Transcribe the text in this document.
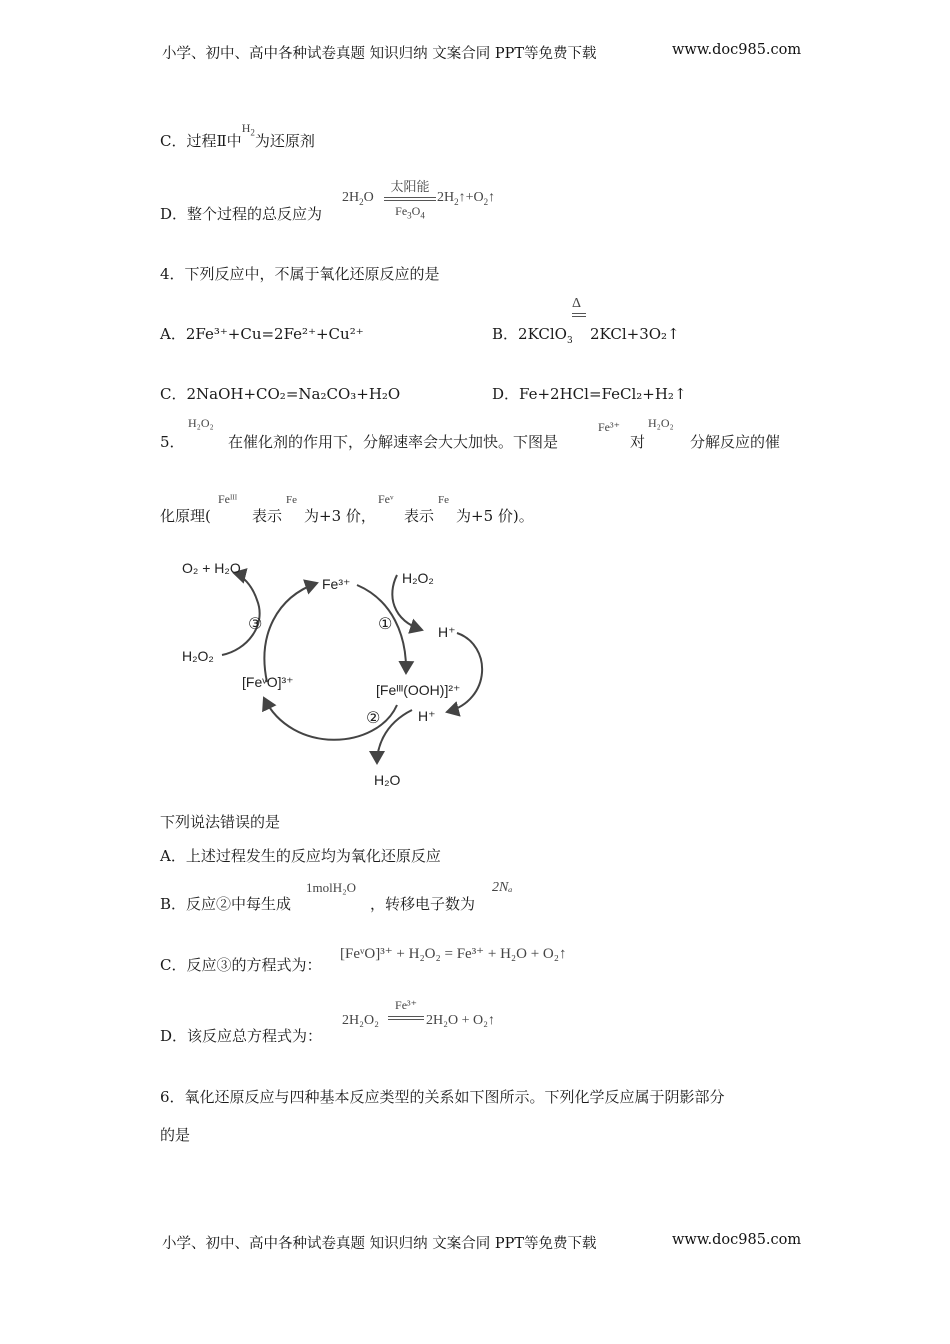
小学、初中、高中各种试卷真题 知识归纳 文案合同 PPT等免费下载	www.doc985.com
C．过程Ⅱ中$^{H_2}$为还原剂
D．整个过程的总反应为
$2H_2O$
太阳能
$Fe_3O_4$
$2H_2↑+O_2↑$
4．下列反应中，不属于氧化还原反应的是
A．2Fe³⁺+Cu=2Fe²⁺+Cu²⁺	B．2KClO$_3$
Δ
2KCl+3O₂↑
C．2NaOH+CO₂=Na₂CO₃+H₂O	D．Fe+2HCl=FeCl₂+H₂↑
5．
H₂O₂
在催化剂的作用下，分解速率会大大加快。下图是
Fe³⁺
对
H₂O₂
分解反应的催
化原理(
Feᴵᴵᴵ
表示
Fe
为+3 价，
Feᵛ
表示
Fe
为+5 价)。
O₂ + H₂O
Fe³⁺	H₂O₂
①	H⁺
③
H₂O₂
[FeᵛO]³⁺	[Feᴵᴵᴵ(OOH)]²⁺
②	H⁺
H₂O
下列说法错误的是
A．上述过程发生的反应均为氧化还原反应
B．反应②中每生成
1molH₂O
，转移电子数为
2Nₐ
C．反应③的方程式为：
[FeᵛO]³⁺ + H₂O₂ = Fe³⁺ + H₂O + O₂↑
D．该反应总方程式为：
2H₂O₂
Fe³⁺
2H₂O + O₂↑
6．氧化还原反应与四种基本反应类型的关系如下图所示。下列化学反应属于阴影部分
的是
小学、初中、高中各种试卷真题 知识归纳 文案合同 PPT等免费下载	www.doc985.com
